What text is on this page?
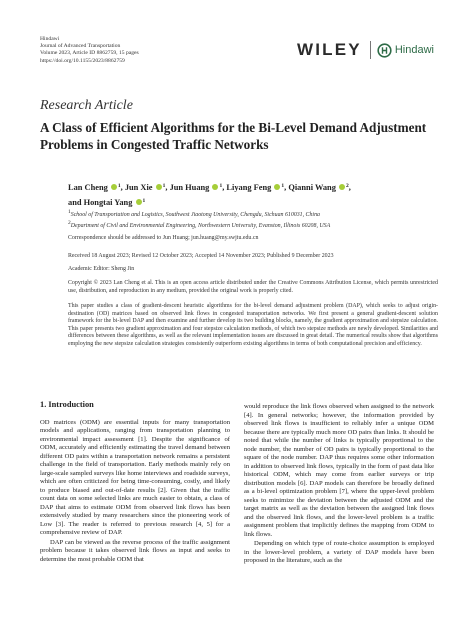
Hindawi
Journal of Advanced Transportation
Volume 2023, Article ID 8862759, 15 pages
https://doi.org/10.1155/2023/8862759
WILEY	Hindawi
Research Article
A Class of Efficient Algorithms for the Bi-Level Demand Adjustment Problems in Congested Traffic Networks
Lan Cheng $^1$, Jun Xie $^1$, Jun Huang $^1$, Liyang Feng $^1$, Qianni Wang $^2$,
and Hongtai Yang $^1$
1School of Transportation and Logistics, Southwest Jiaotong University, Chengdu, Sichuan 610031, China
2Department of Civil and Environmental Engineering, Northwestern University, Evanston, Illinois 60208, USA
Correspondence should be addressed to Jun Huang; jun.huang@my.swjtu.edu.cn
Received 18 August 2023; Revised 12 October 2023; Accepted 14 November 2023; Published 9 December 2023
Academic Editor: Sheng Jin
Copyright © 2023 Lan Cheng et al. This is an open access article distributed under the Creative Commons Attribution License, which permits unrestricted use, distribution, and reproduction in any medium, provided the original work is properly cited.
This paper studies a class of gradient-descent heuristic algorithms for the bi-level demand adjustment problem (DAP), which seeks to adjust origin-destination (OD) matrices based on observed link flows in congested transportation networks. We first present a general gradient-descent solution framework for the bi-level DAP and then examine and further develop its two building blocks, namely, the gradient approximation and stepsize calculation. This paper presents two gradient approximation and four stepsize calculation methods, of which two stepsize methods are newly developed. Similarities and differences between these algorithms, as well as the relevant implementation issues are discussed in great detail. The numerical results show that algorithms employing the new stepsize calculation strategies consistently outperform existing algorithms in terms of both computational precision and efficiency.
1. Introduction

OD matrices (ODM) are essential inputs for many transportation models and applications, ranging from transportation planning to environmental impact assessment [1]. Despite the significance of ODM, accurately and efficiently estimating the travel demand between different OD pairs within a transportation network remains a persistent challenge in the field of transportation. Early methods mainly rely on large-scale sampled surveys like home interviews and roadside surveys, which are often criticized for being time-consuming, costly, and likely to produce biased and out-of-date results [2]. Given that the traffic count data on some selected links are much easier to obtain, a class of DAP that aims to estimate ODM from observed link flows has been extensively studied by many researchers since the pioneering work of Low [3]. The reader is referred to previous research [4, 5] for a comprehensive review of DAP.

DAP can be viewed as the reverse process of the traffic assignment problem because it takes observed link flows as input and seeks to determine the most probable ODM that

would reproduce the link flows observed when assigned to the network [4]. In general networks; however, the information provided by observed link flows is insufficient to reliably infer a unique ODM because there are typically much more OD pairs than links. It should be noted that while the number of links is typically proportional to the node number, the number of OD pairs is typically proportional to the square of the node number. DAP thus requires some other information in addition to observed link flows, typically in the form of past data like historical ODM, which may come from earlier surveys or trip distribution models [6]. DAP models can therefore be broadly defined as a bi-level optimization problem [7], where the upper-level problem seeks to minimize the deviation between the adjusted ODM and the target matrix as well as the deviation between the assigned link flows and the observed link flows, and the lower-level problem is a traffic assignment problem that implicitly defines the mapping from ODM to link flows.

Depending on which type of route-choice assumption is employed in the lower-level problem, a variety of DAP models have been proposed in the literature, such as the
